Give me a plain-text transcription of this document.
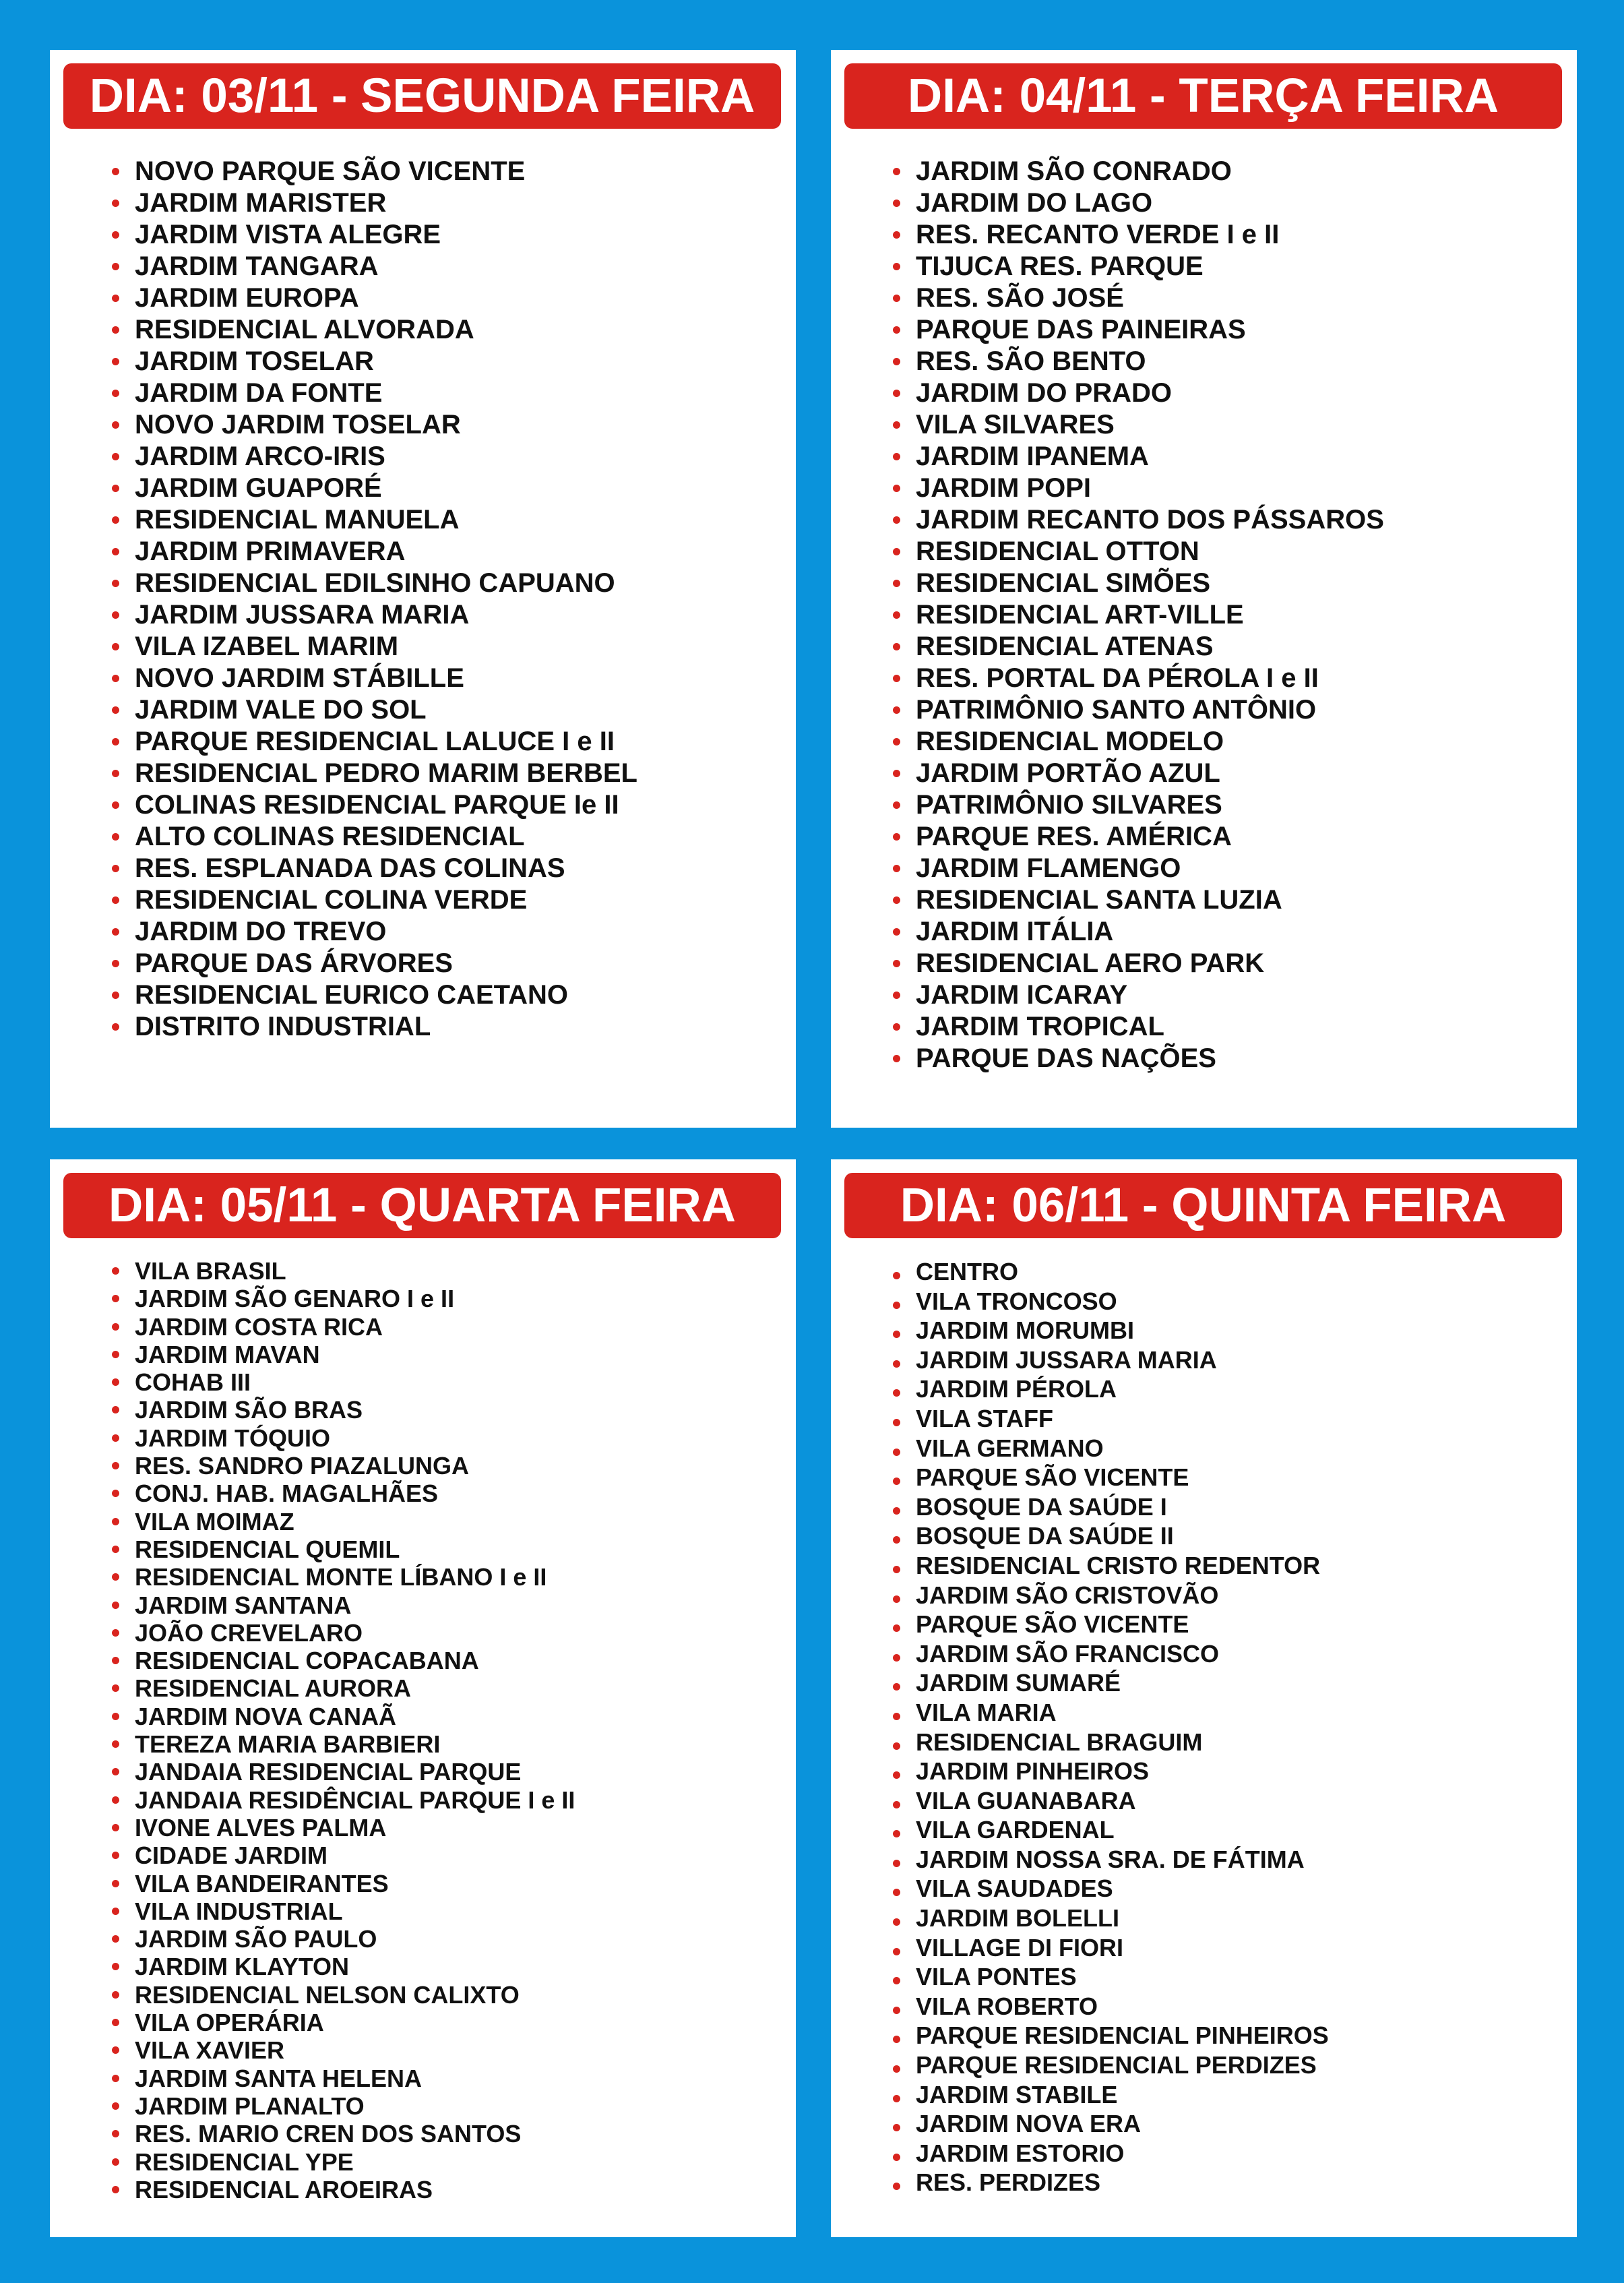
DIA: 03/11 - SEGUNDA FEIRA
NOVO PARQUE SÃO VICENTE
JARDIM MARISTER
JARDIM VISTA ALEGRE
JARDIM TANGARA
JARDIM EUROPA
RESIDENCIAL ALVORADA
JARDIM TOSELAR
JARDIM DA FONTE
NOVO JARDIM TOSELAR
JARDIM ARCO-IRIS
JARDIM GUAPORÉ
RESIDENCIAL MANUELA
JARDIM PRIMAVERA
RESIDENCIAL EDILSINHO CAPUANO
JARDIM JUSSARA MARIA
VILA IZABEL MARIM
NOVO JARDIM STÁBILLE
JARDIM VALE DO SOL
PARQUE RESIDENCIAL LALUCE I e II
RESIDENCIAL PEDRO MARIM BERBEL
COLINAS RESIDENCIAL PARQUE Ie II
ALTO COLINAS RESIDENCIAL
RES. ESPLANADA DAS COLINAS
RESIDENCIAL COLINA VERDE
JARDIM DO TREVO
PARQUE DAS ÁRVORES
RESIDENCIAL EURICO CAETANO
DISTRITO INDUSTRIAL
DIA: 04/11 - TERÇA FEIRA
JARDIM SÃO CONRADO
JARDIM DO LAGO
RES. RECANTO VERDE I e II
TIJUCA RES. PARQUE
RES. SÃO JOSÉ
PARQUE DAS PAINEIRAS
RES. SÃO BENTO
JARDIM DO PRADO
VILA SILVARES
JARDIM IPANEMA
JARDIM POPI
JARDIM RECANTO DOS PÁSSAROS
RESIDENCIAL OTTON
RESIDENCIAL SIMÕES
RESIDENCIAL ART-VILLE
RESIDENCIAL ATENAS
RES. PORTAL DA PÉROLA I e II
PATRIMÔNIO SANTO ANTÔNIO
RESIDENCIAL MODELO
JARDIM PORTÃO AZUL
PATRIMÔNIO SILVARES
PARQUE RES. AMÉRICA
JARDIM FLAMENGO
RESIDENCIAL SANTA LUZIA
JARDIM ITÁLIA
RESIDENCIAL AERO PARK
JARDIM ICARAY
JARDIM TROPICAL
PARQUE DAS NAÇÕES
DIA: 05/11 - QUARTA FEIRA
VILA BRASIL
JARDIM SÃO GENARO I e II
JARDIM COSTA RICA
JARDIM MAVAN
COHAB III
JARDIM SÃO BRAS
JARDIM TÓQUIO
RES. SANDRO PIAZALUNGA
CONJ. HAB. MAGALHÃES
VILA MOIMAZ
RESIDENCIAL QUEMIL
RESIDENCIAL MONTE LÍBANO I e II
JARDIM SANTANA
JOÃO CREVELARO
RESIDENCIAL COPACABANA
RESIDENCIAL AURORA
JARDIM NOVA CANAÃ
TEREZA MARIA BARBIERI
JANDAIA RESIDENCIAL PARQUE
JANDAIA RESIDÊNCIAL PARQUE I e II
IVONE ALVES PALMA
CIDADE JARDIM
VILA BANDEIRANTES
VILA INDUSTRIAL
JARDIM SÃO PAULO
JARDIM KLAYTON
RESIDENCIAL NELSON CALIXTO
VILA OPERÁRIA
VILA XAVIER
JARDIM SANTA HELENA
JARDIM PLANALTO
RES. MARIO CREN DOS SANTOS
RESIDENCIAL YPE
RESIDENCIAL AROEIRAS
DIA: 06/11 - QUINTA FEIRA
CENTRO
VILA TRONCOSO
JARDIM MORUMBI
JARDIM JUSSARA MARIA
JARDIM PÉROLA
VILA STAFF
VILA GERMANO
PARQUE SÃO VICENTE
BOSQUE DA SAÚDE I
BOSQUE DA SAÚDE II
RESIDENCIAL CRISTO REDENTOR
JARDIM SÃO CRISTOVÃO
PARQUE SÃO VICENTE
JARDIM SÃO FRANCISCO
JARDIM SUMARÉ
VILA MARIA
RESIDENCIAL BRAGUIM
JARDIM PINHEIROS
VILA GUANABARA
VILA GARDENAL
JARDIM NOSSA SRA. DE FÁTIMA
VILA SAUDADES
JARDIM BOLELLI
VILLAGE DI FIORI
VILA PONTES
VILA ROBERTO
PARQUE RESIDENCIAL PINHEIROS
PARQUE RESIDENCIAL PERDIZES
JARDIM STABILE
JARDIM NOVA ERA
JARDIM ESTORIO
RES. PERDIZES
